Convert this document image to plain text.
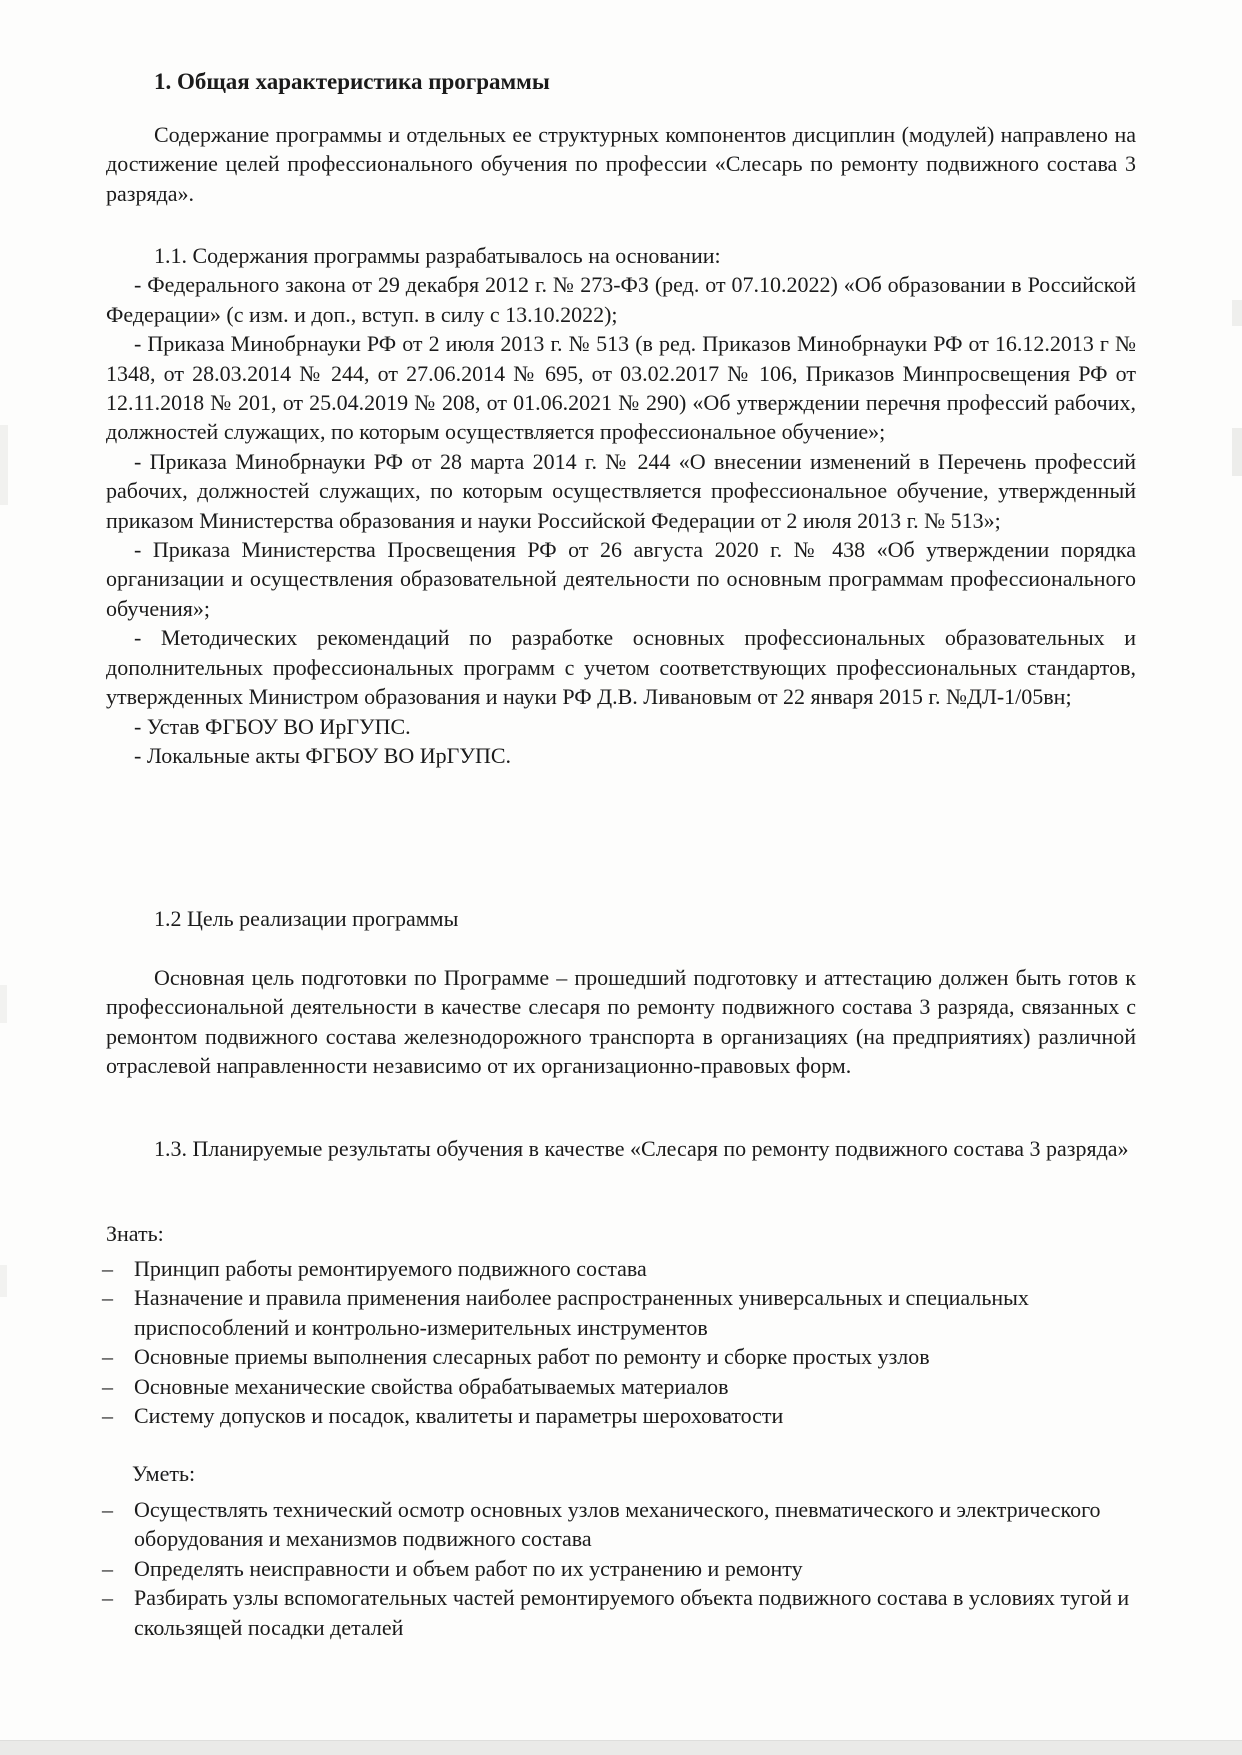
1. Общая характеристика программы

Содержание программы и отдельных ее структурных компонентов дисциплин (модулей) направлено на достижение целей профессионального обучения по профессии «Слесарь по ремонту подвижного состава 3 разряда».

1.1. Содержания программы разрабатывалось на основании:

- Федерального закона от 29 декабря 2012 г. № 273-ФЗ (ред. от 07.10.2022) «Об образовании в Российской Федерации» (с изм. и доп., вступ. в силу с 13.10.2022);

- Приказа Минобрнауки РФ от 2 июля 2013 г. № 513 (в ред. Приказов Минобрнауки РФ от 16.12.2013 г № 1348, от 28.03.2014 № 244, от 27.06.2014 № 695, от 03.02.2017 № 106, Приказов Минпросвещения РФ от 12.11.2018 № 201, от 25.04.2019 № 208, от 01.06.2021 № 290) «Об утверждении перечня профессий рабочих, должностей служащих, по которым осуществляется профессиональное обучение»;

- Приказа Минобрнауки РФ от 28 марта 2014 г. № 244 «О внесении изменений в Перечень профессий рабочих, должностей служащих, по которым осуществляется профессиональное обучение, утвержденный приказом Министерства образования и науки Российской Федерации от 2 июля 2013 г. № 513»;

- Приказа Министерства Просвещения РФ от 26 августа 2020 г. № 438 «Об утверждении порядка организации и осуществления образовательной деятельности по основным программам профессионального обучения»;

- Методических рекомендаций по разработке основных профессиональных образовательных и дополнительных профессиональных программ с учетом соответствующих профессиональных стандартов, утвержденных Министром образования и науки РФ Д.В. Ливановым от 22 января 2015 г. №ДЛ-1/05вн;

- Устав ФГБОУ ВО ИрГУПС.

- Локальные акты ФГБОУ ВО ИрГУПС.

1.2 Цель реализации программы

Основная цель подготовки по Программе – прошедший подготовку и аттестацию должен быть готов к профессиональной деятельности в качестве слесаря по ремонту подвижного состава 3 разряда, связанных с ремонтом подвижного состава железнодорожного транспорта в организациях (на предприятиях) различной отраслевой направленности независимо от их организационно-правовых форм.

1.3. Планируемые результаты обучения в качестве «Слесаря по ремонту подвижного состава 3 разряда»

Знать:

– Принцип работы ремонтируемого подвижного состава
– Назначение и правила применения наиболее распространенных универсальных и специальных приспособлений и контрольно-измерительных инструментов
– Основные приемы выполнения слесарных работ по ремонту и сборке простых узлов
– Основные механические свойства обрабатываемых материалов
– Систему допусков и посадок, квалитеты и параметры шероховатости

Уметь:

– Осуществлять технический осмотр основных узлов механического, пневматического и электрического оборудования и механизмов подвижного состава
– Определять неисправности и объем работ по их устранению и ремонту
– Разбирать узлы вспомогательных частей ремонтируемого объекта подвижного состава в условиях тугой и скользящей посадки деталей
